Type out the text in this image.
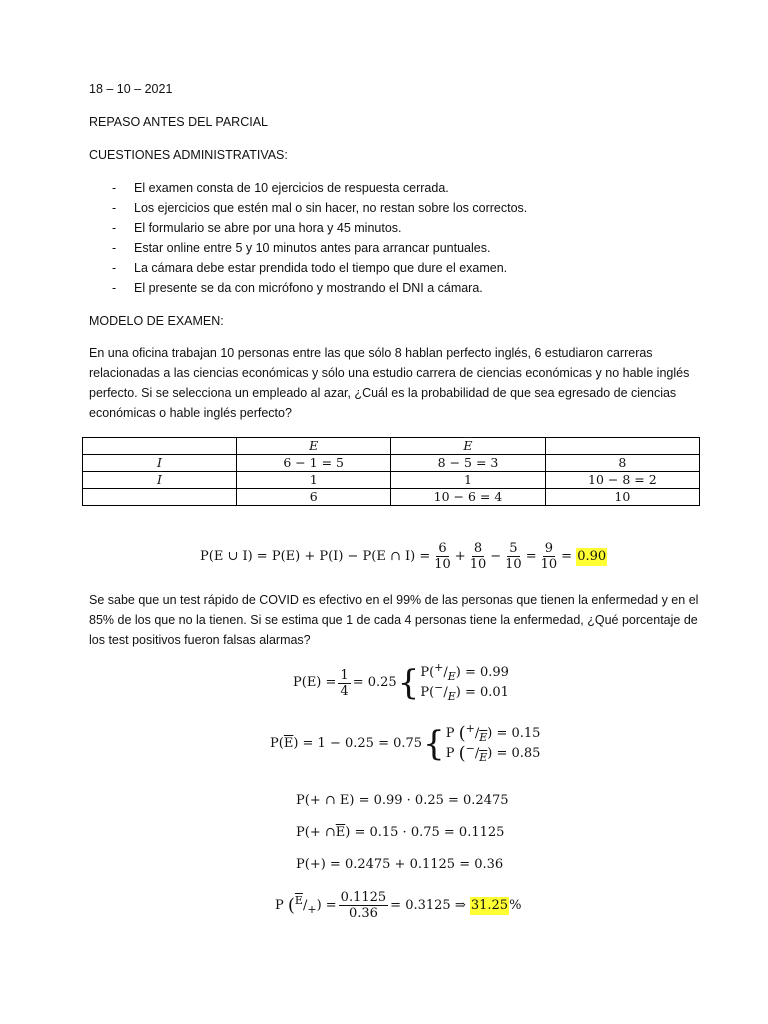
18 – 10 – 2021
REPASO ANTES DEL PARCIAL
CUESTIONES ADMINISTRATIVAS:
- El examen consta de 10 ejercicios de respuesta cerrada.
- Los ejercicios que estén mal o sin hacer, no restan sobre los correctos.
- El formulario se abre por una hora y 45 minutos.
- Estar online entre 5 y 10 minutos antes para arrancar puntuales.
- La cámara debe estar prendida todo el tiempo que dure el examen.
- El presente se da con micrófono y mostrando el DNI a cámara.
MODELO DE EXAMEN:
En una oficina trabajan 10 personas entre las que sólo 8 hablan perfecto inglés, 6 estudiaron carreras relacionadas a las ciencias económicas y sólo una estudio carrera de ciencias económicas y no hable inglés perfecto. Si se selecciona un empleado al azar, ¿Cuál es la probabilidad de que sea egresado de ciencias económicas o hable inglés perfecto?
	E	$\overline{E}$	
I	6 − 1 = 5	8 − 5 = 3	8
$\overline{I}$	1	1	10 − 8 = 2
	6	10 − 6 = 4	10
P(E ∪ I) = P(E) + P(I) − P(E ∩ $I) = \frac{6}{10} + \frac{8}{10} - \frac{5}{10} = \frac{9}{10}$ =
0.90
Se sabe que un test rápido de COVID es efectivo en el 99% de las personas que tienen la enfermedad y en el 85% de los que no la tienen. Si se estima que 1 de cada 4 personas tiene la enfermedad, ¿Qué porcentaje de los test positivos fueron falsas alarmas?
$P(E) = \frac{1}{4} = 0.25$ { P ( + / E ) = 0.99
P ( − / E ) = 0.01
P( $\overline{E}$ ) = 1 − 0.25 = 0.75 { P
( + / $\overline{E}$ ) = 0.15
P
( − / $\overline{E}$ ) = 0.85
P(+ ∩ E) = 0.99 · 0.25 = 0.2475
P(+ ∩ $\overline{E}$ ) = 0.15 · 0.75 = 0.1125
P(+) = 0.2475 + 0.1125 = 0.36
P
( $\overline{E}$ / + ) = $\frac{0.1125}{0.36} = 0.3125$ ⇒
31.25 %
